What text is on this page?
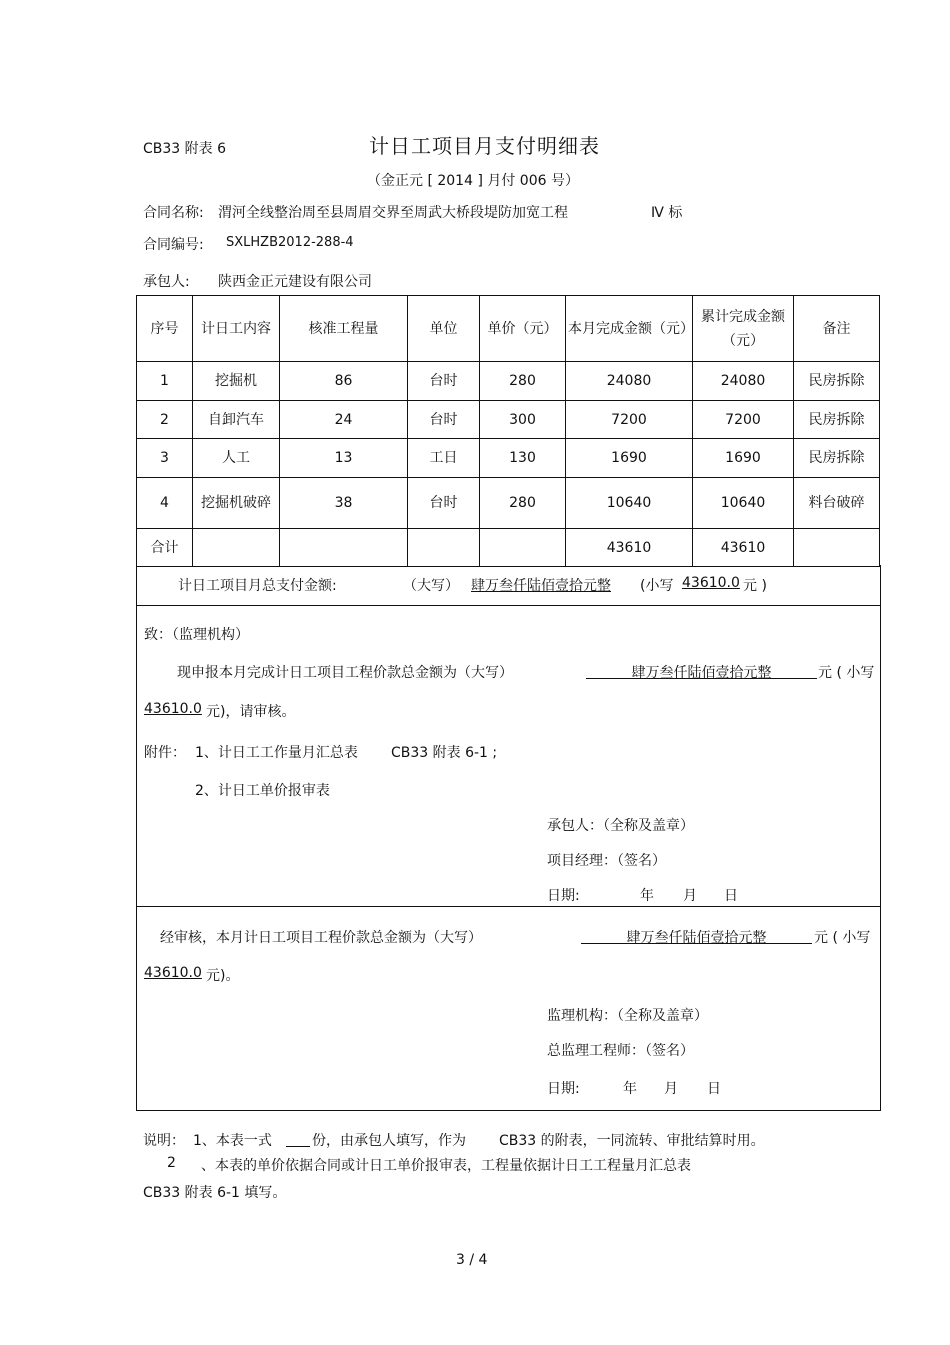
CB33 附表 6	计日工项目月支付明细表
（金正元 [ 2014 ] 月付 006 号）
合同名称: 渭河全线整治周至县周眉交界至周武大桥段堤防加宽工程	Ⅳ 标
合同编号: SXLHZB2012-288-4
承包人: 陕西金正元建设有限公司
序号	计日工内容	核准工程量	单位	单价（元）	本月完成金额（元）	累计完成金额（元）	备注
1	挖掘机	86	台时	280	24080	24080	民房拆除
2	自卸汽车	24	台时	300	7200	7200	民房拆除
3	人工	13	工日	130	1690	1690	民房拆除
4	挖掘机破碎	38	台时	280	10640	10640	料台破碎
合计					43610	43610	
计日工项目月总支付金额:	（大写） 肆万叁仟陆佰壹拾元整 (小写 43610.0 元 )
致：（监理机构）
现申报本月完成计日工项目工程价款总金额为（大写）	肆万叁仟陆佰壹拾元整	元 ( 小写
43610.0 元)，请审核。
附件： 1、计日工工作量月汇总表 CB33 附表 6-1 ;
2、计日工单价报审表
承包人：（全称及盖章）
项目经理：（签名）
日期:	年 月 日
经审核，本月计日工项目工程价款总金额为（大写）	肆万叁仟陆佰壹拾元整	元 ( 小写
43610.0 元)。
监理机构：（全称及盖章）
总监理工程师：（签名）
日期:	年 月 日
说明： 1、本表一式	份，由承包人填写，作为 CB33 的附表，一同流转、审批结算时用。
2 、本表的单价依据合同或计日工单价报审表，工程量依据计日工工程量月汇总表
CB33 附表 6-1 填写。
3 / 4
